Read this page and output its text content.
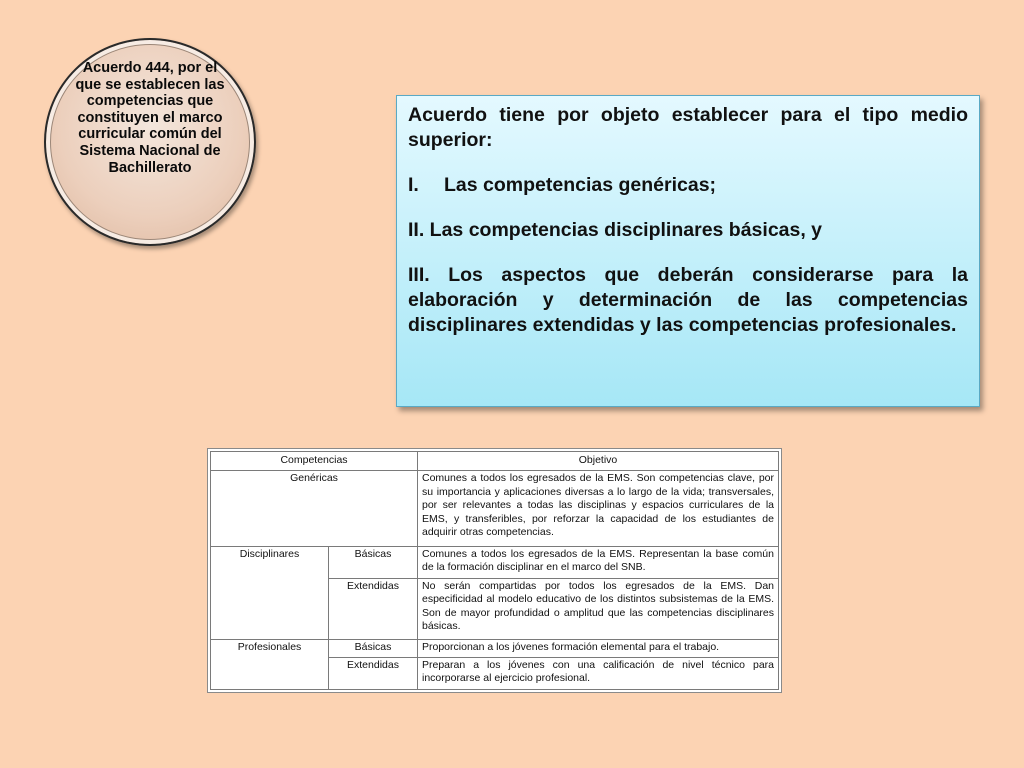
Acuerdo 444, por el que se establecen las competencias que constituyen el marco curricular común del Sistema Nacional de Bachillerato

Acuerdo tiene por objeto establecer para el tipo medio superior:

I. Las competencias genéricas;

II. Las competencias disciplinares básicas, y

III. Los aspectos que deberán considerarse para la elaboración y determinación de las competencias disciplinares extendidas y las competencias profesionales.

Competencias		Objetivo
Genéricas		Comunes a todos los egresados de la EMS. Son competencias clave, por su importancia y aplicaciones diversas a lo largo de la vida; transversales, por ser relevantes a todas las disciplinas y espacios curriculares de la EMS, y transferibles, por reforzar la capacidad de los estudiantes de adquirir otras competencias.
Disciplinares	Básicas	Comunes a todos los egresados de la EMS. Representan la base común de la formación disciplinar en el marco del SNB.
	Extendidas	No serán compartidas por todos los egresados de la EMS. Dan especificidad al modelo educativo de los distintos subsistemas de la EMS. Son de mayor profundidad o amplitud que las competencias disciplinares básicas.
Profesionales	Básicas	Proporcionan a los jóvenes formación elemental para el trabajo.
	Extendidas	Preparan a los jóvenes con una calificación de nivel técnico para incorporarse al ejercicio profesional.
